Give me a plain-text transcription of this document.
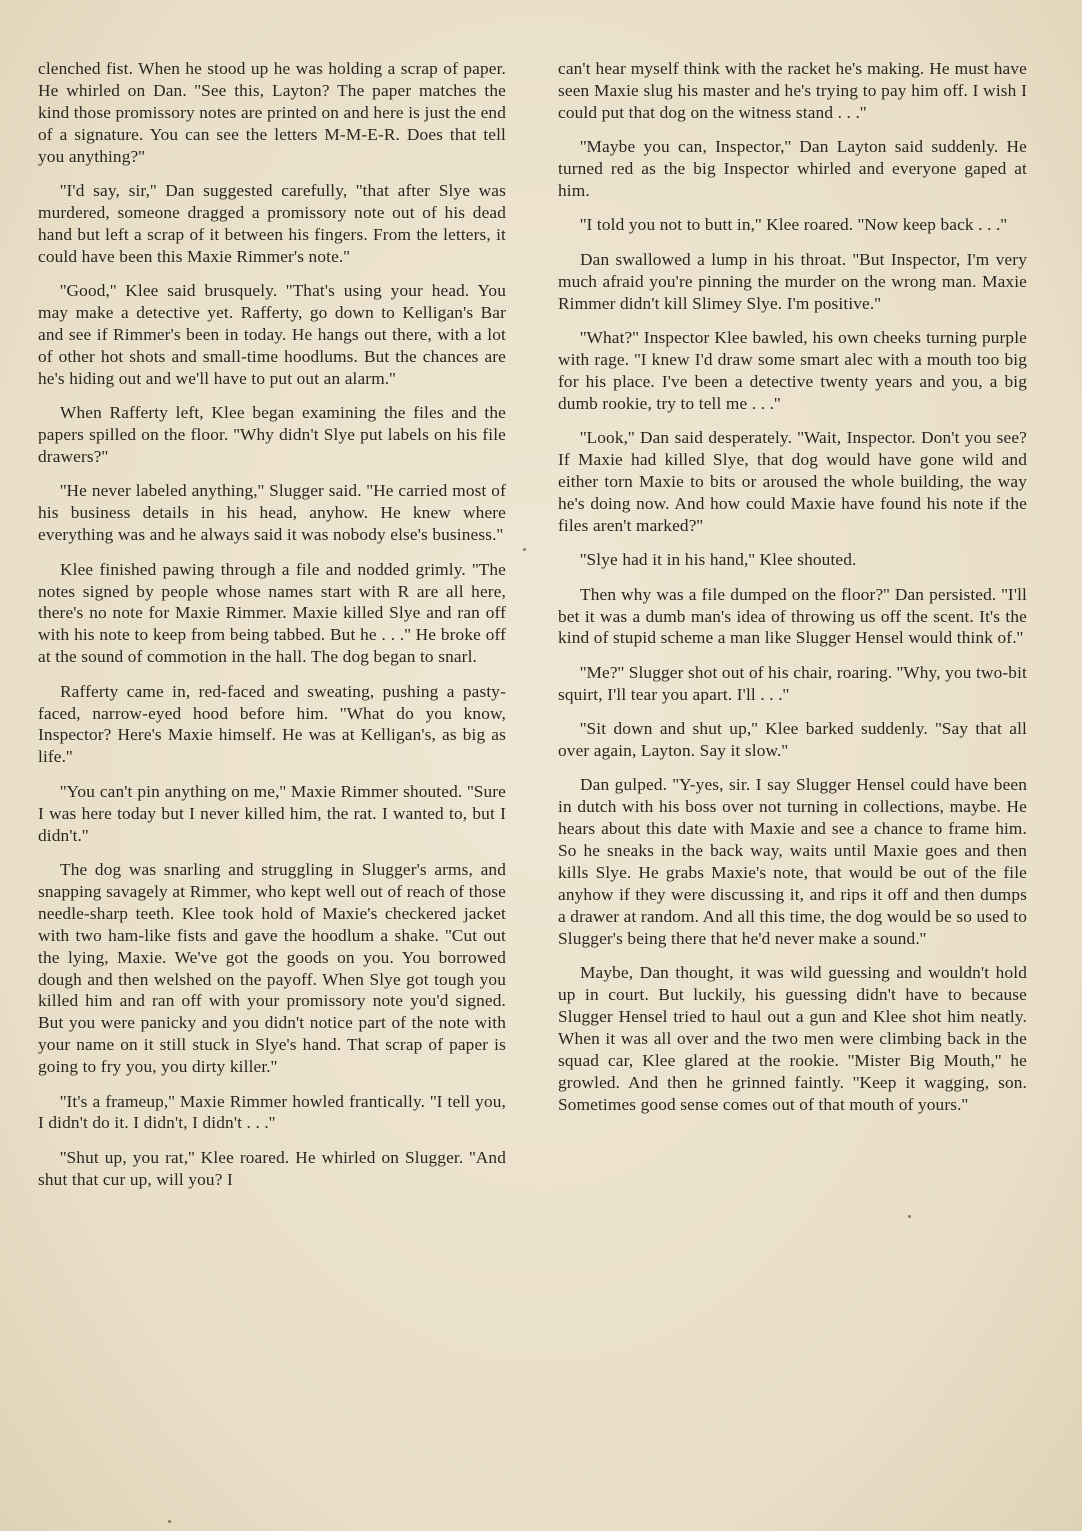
clenched fist. When he stood up he was holding a scrap of paper. He whirled on Dan. ''See this, Layton? The paper matches the kind those promissory notes are printed on and here is just the end of a signature. You can see the letters M-M-E-R. Does that tell you anything?''

''I'd say, sir,'' Dan suggested carefully, ''that after Slye was murdered, someone dragged a promissory note out of his dead hand but left a scrap of it between his fingers. From the letters, it could have been this Maxie Rimmer's note.''

''Good,'' Klee said brusquely. ''That's using your head. You may make a detective yet. Rafferty, go down to Kelligan's Bar and see if Rimmer's been in today. He hangs out there, with a lot of other hot shots and small-time hoodlums. But the chances are he's hiding out and we'll have to put out an alarm.''

When Rafferty left, Klee began examining the files and the papers spilled on the floor. ''Why didn't Slye put labels on his file drawers?''

''He never labeled anything,'' Slugger said. ''He carried most of his business details in his head, anyhow. He knew where everything was and he always said it was nobody else's business.''

Klee finished pawing through a file and nodded grimly. ''The notes signed by people whose names start with R are all here, there's no note for Maxie Rimmer. Maxie killed Slye and ran off with his note to keep from being tabbed. But he . . .'' He broke off at the sound of commotion in the hall. The dog began to snarl.

Rafferty came in, red-faced and sweating, pushing a pasty-faced, narrow-eyed hood before him. ''What do you know, Inspector? Here's Maxie himself. He was at Kelligan's, as big as life.''

''You can't pin anything on me,'' Maxie Rimmer shouted. ''Sure I was here today but I never killed him, the rat. I wanted to, but I didn't.''

The dog was snarling and struggling in Slugger's arms, and snapping savagely at Rimmer, who kept well out of reach of those needle-sharp teeth. Klee took hold of Maxie's checkered jacket with two ham-like fists and gave the hoodlum a shake. ''Cut out the lying, Maxie. We've got the goods on you. You borrowed dough and then welshed on the payoff. When Slye got tough you killed him and ran off with your promissory note you'd signed. But you were panicky and you didn't notice part of the note with your name on it still stuck in Slye's hand. That scrap of paper is going to fry you, you dirty killer.''

''It's a frameup,'' Maxie Rimmer howled frantically. ''I tell you, I didn't do it. I didn't, I didn't . . .''

''Shut up, you rat,'' Klee roared. He whirled on Slugger. ''And shut that cur up, will you? I

can't hear myself think with the racket he's making. He must have seen Maxie slug his master and he's trying to pay him off. I wish I could put that dog on the witness stand . . .''

''Maybe you can, Inspector,'' Dan Layton said suddenly. He turned red as the big Inspector whirled and everyone gaped at him.

''I told you not to butt in,'' Klee roared. ''Now keep back . . .''

Dan swallowed a lump in his throat. ''But Inspector, I'm very much afraid you're pinning the murder on the wrong man. Maxie Rimmer didn't kill Slimey Slye. I'm positive.''

''What?'' Inspector Klee bawled, his own cheeks turning purple with rage. ''I knew I'd draw some smart alec with a mouth too big for his place. I've been a detective twenty years and you, a big dumb rookie, try to tell me . . .''

''Look,'' Dan said desperately. ''Wait, Inspector. Don't you see? If Maxie had killed Slye, that dog would have gone wild and either torn Maxie to bits or aroused the whole building, the way he's doing now. And how could Maxie have found his note if the files aren't marked?''

''Slye had it in his hand,'' Klee shouted.

Then why was a file dumped on the floor?'' Dan persisted. ''I'll bet it was a dumb man's idea of throwing us off the scent. It's the kind of stupid scheme a man like Slugger Hensel would think of.''

''Me?'' Slugger shot out of his chair, roaring. ''Why, you two-bit squirt, I'll tear you apart. I'll . . .''

''Sit down and shut up,'' Klee barked suddenly. ''Say that all over again, Layton. Say it slow.''

Dan gulped. ''Y-yes, sir. I say Slugger Hensel could have been in dutch with his boss over not turning in collections, maybe. He hears about this date with Maxie and see a chance to frame him. So he sneaks in the back way, waits until Maxie goes and then kills Slye. He grabs Maxie's note, that would be out of the file anyhow if they were discussing it, and rips it off and then dumps a drawer at random. And all this time, the dog would be so used to Slugger's being there that he'd never make a sound.''

Maybe, Dan thought, it was wild guessing and wouldn't hold up in court. But luckily, his guessing didn't have to because Slugger Hensel tried to haul out a gun and Klee shot him neatly. When it was all over and the two men were climbing back in the squad car, Klee glared at the rookie. ''Mister Big Mouth,'' he growled. And then he grinned faintly. ''Keep it wagging, son. Sometimes good sense comes out of that mouth of yours.''
